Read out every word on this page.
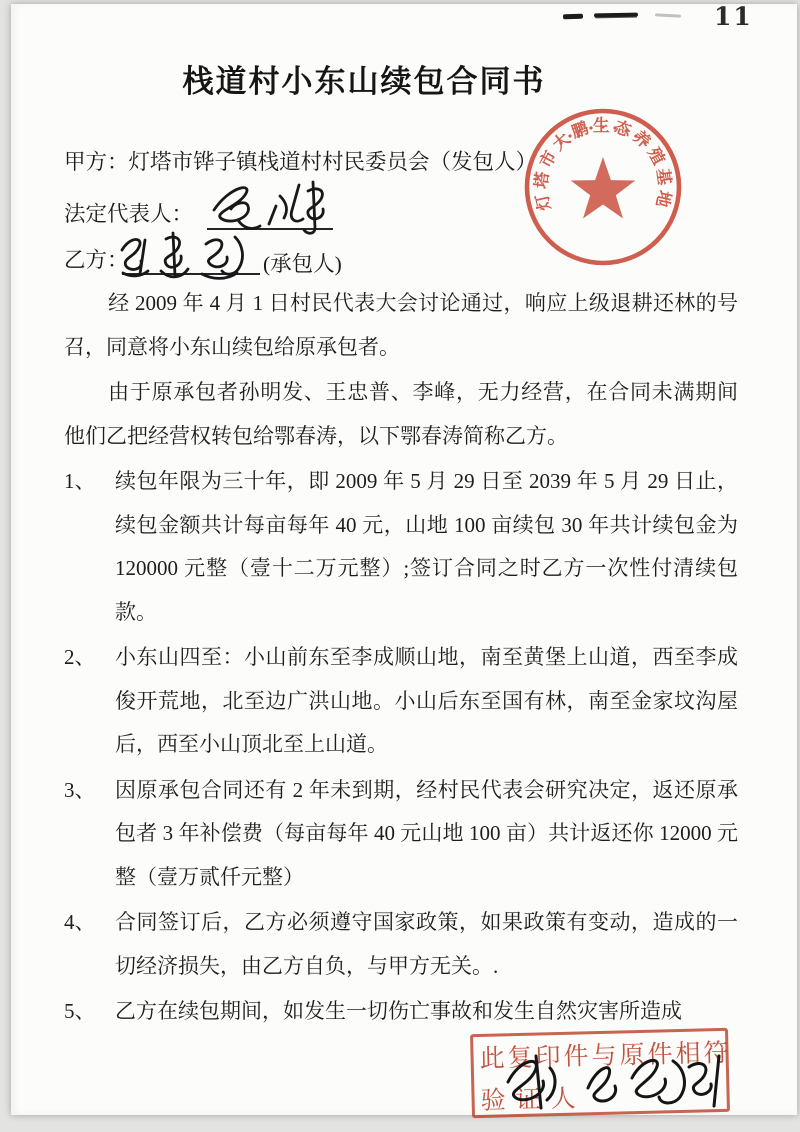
11
栈道村小东山续包合同书
甲方：灯塔市铧子镇栈道村村民委员会（发包人）
法定代表人：
乙方：	(承包人)
灯塔市大鹏生态养殖基地

经 2009 年 4 月 1 日村民代表大会讨论通过，响应上级退耕还林的号召，同意将小东山续包给原承包者。

由于原承包者孙明发、王忠普、李峰，无力经营，在合同未满期间他们乙把经营权转包给鄂春涛，以下鄂春涛简称乙方。

1、 续包年限为三十年，即 2009 年 5 月 29 日至 2039 年 5 月 29 日止，续包金额共计每亩每年 40 元，山地 100 亩续包 30 年共计续包金为 120000 元整（壹十二万元整）;签订合同之时乙方一次性付清续包款。
2、 小东山四至：小山前东至李成顺山地，南至黄堡上山道，西至李成俊开荒地，北至边广洪山地。小山后东至国有林，南至金家坟沟屋后，西至小山顶北至上山道。
3、 因原承包合同还有 2 年未到期，经村民代表会研究决定，返还原承包者 3 年补偿费（每亩每年 40 元山地 100 亩）共计返还你 12000 元整（壹万贰仟元整）
4、 合同签订后，乙方必须遵守国家政策，如果政策有变动，造成的一切经济损失，由乙方自负，与甲方无关。.
5、 乙方在续包期间，如发生一切伤亡事故和发生自然灾害所造成
此复印件与原件相符
验证人
